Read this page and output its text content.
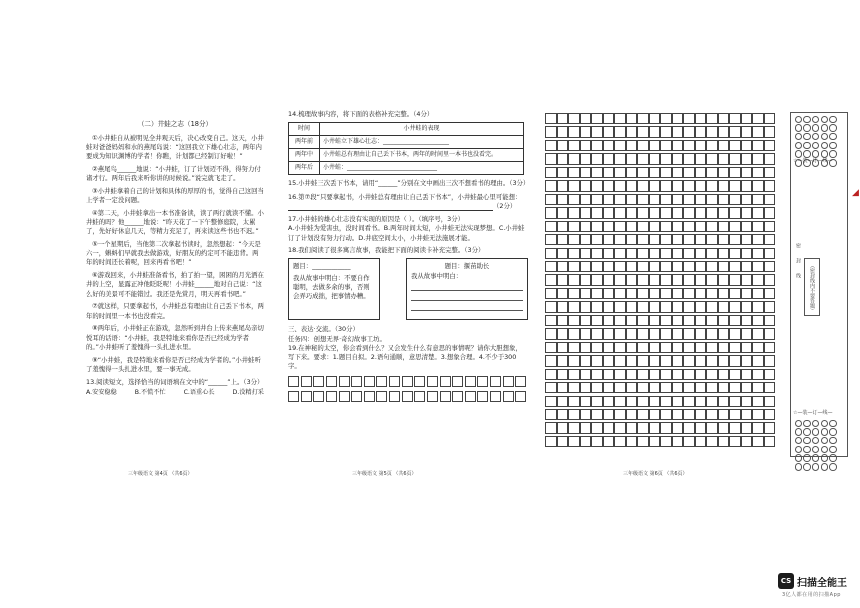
（二）井蛙之志（18分）

①小井蛙自从被明见全井观天后，决心改变自己。这天，小井蛙对爸爸妈妈和水的燕尾岛说：“这回我立下雄心壮志，两年内要成为知识渊博的学者！你瞧，计划都已经制订好啦！”

②燕尾鸟______地说：“小井蛙，订了计划迈不得，得努力付诸才行。两年后我来听你讲的时候说。”说完就飞走了。

③小井蛙拿着自己的计划和具体的厚厚的书，觉得自己这回当上学者一定没问题。

④第二天，小井蛙拿出一本书准备读，读了两行就读不懂。小井蛙的吗？他______地说：“昨天花了一下午整修庭院，太累了，先好好休息几天，等精力充足了，再来读这些书也不迟。”

⑤一个星期后，当他第二次拿起书读时，忽然想起：“今天是六一，蝌蚪们早就我去做游戏，好朋友的约定可不能违背。两年的时间还长着呢，回来再看书吧！”

⑥游戏回来，小井蛙准备看书，拍了拍一望，困困的月光洒在井的上空，显露正冲他眨眨呢！小井蛙______地对自己说：“这么好的美景可不能错过。我还是先赏月，明天再看书吧。”

⑦就这样，只要拿起书，小井蛙总有理由让自己丢下书本，两年的时间里一本书也没看完。

⑧两年后，小井蛙正在游戏，忽然听到井台上传来燕尾岛亲切悦耳的话语：“小井蛙，我是特地来看你是否已经成为学者的。”小井蛙听了羞愧得一头扎进水里。

⑨“小井蛙，我是特地来看你是否已经成为学者的。”小井蛙听了羞愧得一头扎进水里，要一事无成。

13.阅读短文，选择恰当的词语填在文中的“______”上。（3分）
A.安安稳稳	B.不慌不忙	C.语重心长	D.没精打采
三年级语文 第4页 （共6页）
14.梳理故事内容，将下面的表格补充完整。（4分）
时间	小井蛙的表现
两年前	小井蛙立下雄心壮志：______________________
两年中	小井蛙总有理由让自己丢下书本，两年的时间里一本书也没看完。
两年后	小井蛙：______________________________
15.小井蛙三次丢下书本，请用“______”分别在文中画出三次不想看书的理由。（3分）
16.第⑦段“只要拿起书，小井蛙总有理由让自己丢下书本”，小井蛙最心里可能想：
（2分）
17.小井蛙的雄心壮志没有实现的原因是（ ）。（填序号，3分）
A.小井蛙为爱害虫，没时间看书。B.两年时间太短，小井蛙无法实现梦想。C.小井蛙订了计划没有努力行动。D.井底空间太小，小井蛙无法施展才能。
18.我们阅读了很多寓言故事，我能把下面的阅读卡补充完整。（3分）
题目：____________
我从故事中明白：不要自作聪明，去做多余的事，否则会弄巧成拙，把事情办糟。
题目：揠苗助长
我从故事中明白：
三、表达·交流。（30分）
任务四：创想无界·奇幻故事工坊。
19.在神秘的太空，你会看到什么？又会发生什么有意思的事情呢？请你大胆想象，写下来。要求：1.题目自拟。2.语句通顺，意思清楚。3.想象合理。4.不少于300字。
三年级语文 第5页 （共6页）	三年级语文 第6页 （共6页）
☆—装—订—线—
密　　封　　线
☆—装—订—线—
（密封线内不要答题）
◢
CS 扫描全能王
3亿人都在用的扫描App
